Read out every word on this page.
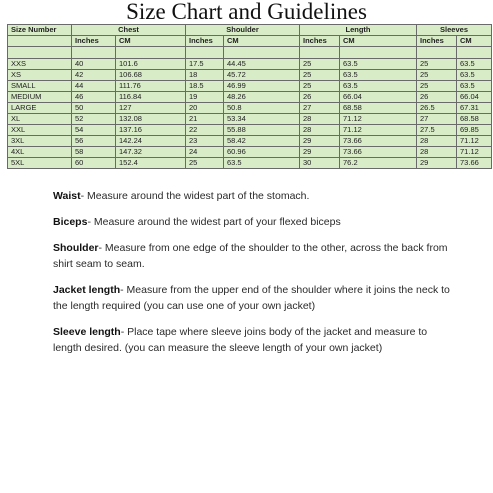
Size Chart and Guidelines
Size Number	Chest		Shoulder		Length		Sleeves	
	Inches	CM	Inches	CM	Inches	CM	Inches	CM

XXS	40	101.6	17.5	44.45	25	63.5	25	63.5
XS	42	106.68	18	45.72	25	63.5	25	63.5
SMALL	44	111.76	18.5	46.99	25	63.5	25	63.5
MEDIUM	46	116.84	19	48.26	26	66.04	26	66.04
LARGE	50	127	20	50.8	27	68.58	26.5	67.31
XL	52	132.08	21	53.34	28	71.12	27	68.58
XXL	54	137.16	22	55.88	28	71.12	27.5	69.85
3XL	56	142.24	23	58.42	29	73.66	28	71.12
4XL	58	147.32	24	60.96	29	73.66	28	71.12
5XL	60	152.4	25	63.5	30	76.2	29	73.66
Waist- Measure around the widest part of the stomach.
Biceps- Measure around the widest part of your flexed biceps
Shoulder- Measure from one edge of the shoulder to the other, across the back from shirt seam to seam.
Jacket length- Measure from the upper end of the shoulder where it joins the neck to the length required (you can use one of your own jacket)
Sleeve length- Place tape where sleeve joins body of the jacket and measure to length desired. (you can measure the sleeve length of your own jacket)
